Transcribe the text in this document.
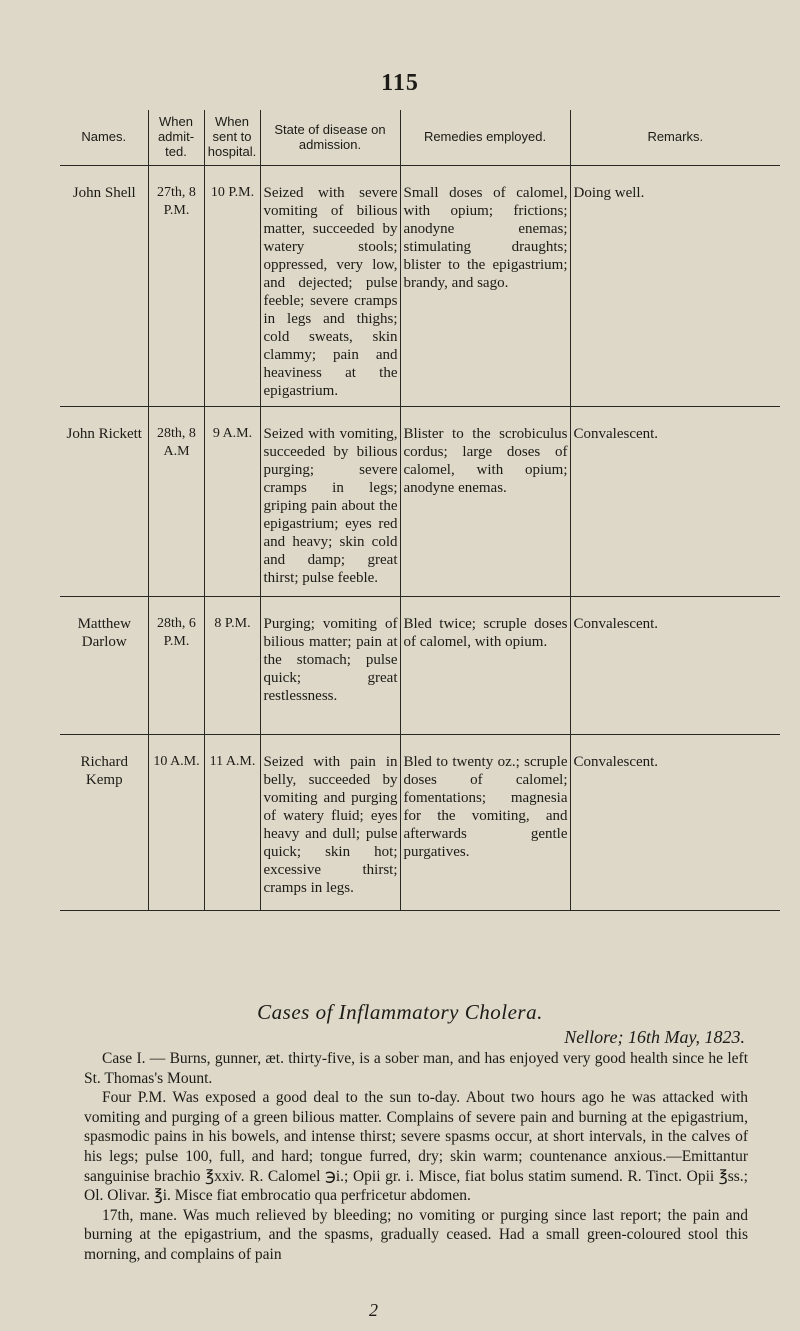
115
Names.	When admit- ted.	When sent to hospital.	State of disease on admission.	Remedies employed.	Remarks.
John Shell	27th, 8 P.M.	10 P.M.	Seized with severe vomiting of bilious matter, succeeded by watery stools; oppressed, very low, and dejected; pulse feeble; severe cramps in legs and thighs; cold sweats, skin clammy; pain and heaviness at the epigastrium.	Small doses of calomel, with opium; frictions; anodyne enemas; stimulating draughts; blister to the epigastrium; brandy, and sago.	Doing well.
John Rickett	28th, 8 A.M	9 A.M.	Seized with vomiting, succeeded by bilious purging; severe cramps in legs; griping pain about the epigastrium; eyes red and heavy; skin cold and damp; great thirst; pulse feeble.	Blister to the scrobiculus cordus; large doses of calomel, with opium; anodyne enemas.	Convalescent.
Matthew Darlow	28th, 6 P.M.	8 P.M.	Purging; vomiting of bilious matter; pain at the stomach; pulse quick; great restlessness.	Bled twice; scruple doses of calomel, with opium.	Convalescent.
Richard Kemp	10 A.M.	11 A.M.	Seized with pain in belly, succeeded by vomiting and purging of watery fluid; eyes heavy and dull; pulse quick; skin hot; excessive thirst; cramps in legs.	Bled to twenty oz.; scruple doses of calomel; fomentations; magnesia for the vomiting, and afterwards gentle purgatives.	Convalescent.
Cases of Inflammatory Cholera.
Nellore; 16th May, 1823.

Case I. — Burns, gunner, æt. thirty-five, is a sober man, and has enjoyed very good health since he left St. Thomas's Mount.

Four P.M. Was exposed a good deal to the sun to-day. About two hours ago he was attacked with vomiting and purging of a green bilious matter. Complains of severe pain and burning at the epigastrium, spasmodic pains in his bowels, and intense thirst; severe spasms occur, at short intervals, in the calves of his legs; pulse 100, full, and hard; tongue furred, dry; skin warm; countenance anxious.—Emittantur sanguinise brachio ℥xxiv. R. Calomel ℈i.; Opii gr. i. Misce, fiat bolus statim sumend. R. Tinct. Opii ℥ss.; Ol. Olivar. ℥i. Misce fiat embrocatio qua perfricetur abdomen.

17th, mane. Was much relieved by bleeding; no vomiting or purging since last report; the pain and burning at the epigastrium, and the spasms, gradually ceased. Had a small green-coloured stool this morning, and complains of pain

2
